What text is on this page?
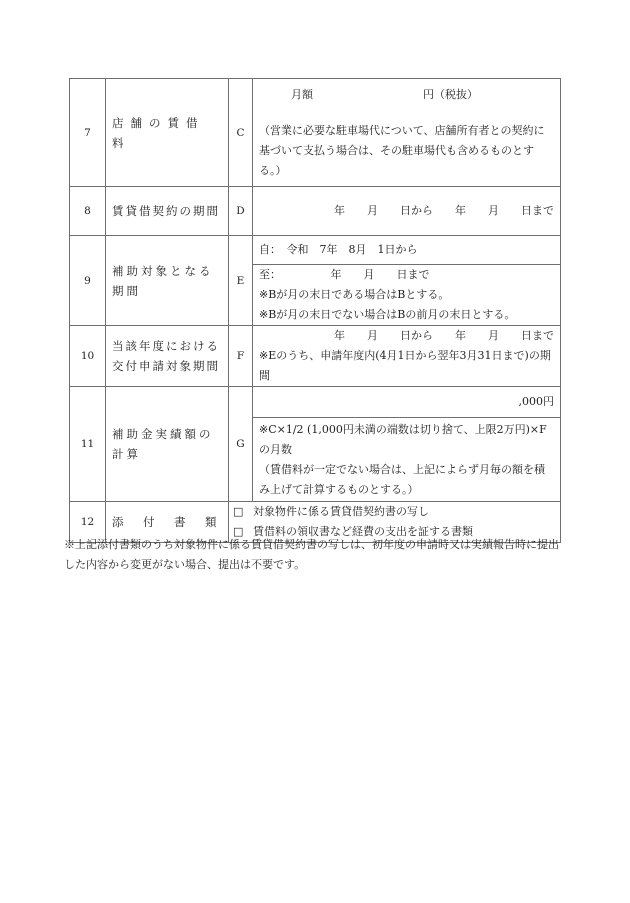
7	店舗の賃借料	C	月額　　　　　　　　　　円（税抜）
（営業に必要な駐車場代について、店舗所有者との契約に基づいて支払う場合は、その駐車場代も含めるものとする。）

8	賃貸借契約の期間	D	年　　月　　日から　　年　　月　　日まで
9	補助対象となる期間	E	自：　令和　7年　8月　1日から

			至：　　　　　年　　月　　日まで
※Bが月の末日である場合はBとする。
※Bが月の末日でない場合はBの前月の末日とする。

10	当該年度における交付申請対象期間	F	年　　月　　日から　　年　　月　　日まで
※Eのうち、申請年度内(4月1日から翌年3月31日まで)の期間

11	補助金実績額の計算	G	,000円

			※C×1/2 (1,000円未満の端数は切り捨て、上限2万円)×Fの月数
（賃借料が一定でない場合は、上記によらず月毎の額を積み上げて計算するものとする。）

12	添　付　書　類	□ 対象物件に係る賃貸借契約書の写し
□ 賃借料の領収書など経費の支出を証する書類	
※上記添付書類のうち対象物件に係る賃貸借契約書の写しは、初年度の申請時又は実績報告時に提出した内容から変更がない場合、提出は不要です。
